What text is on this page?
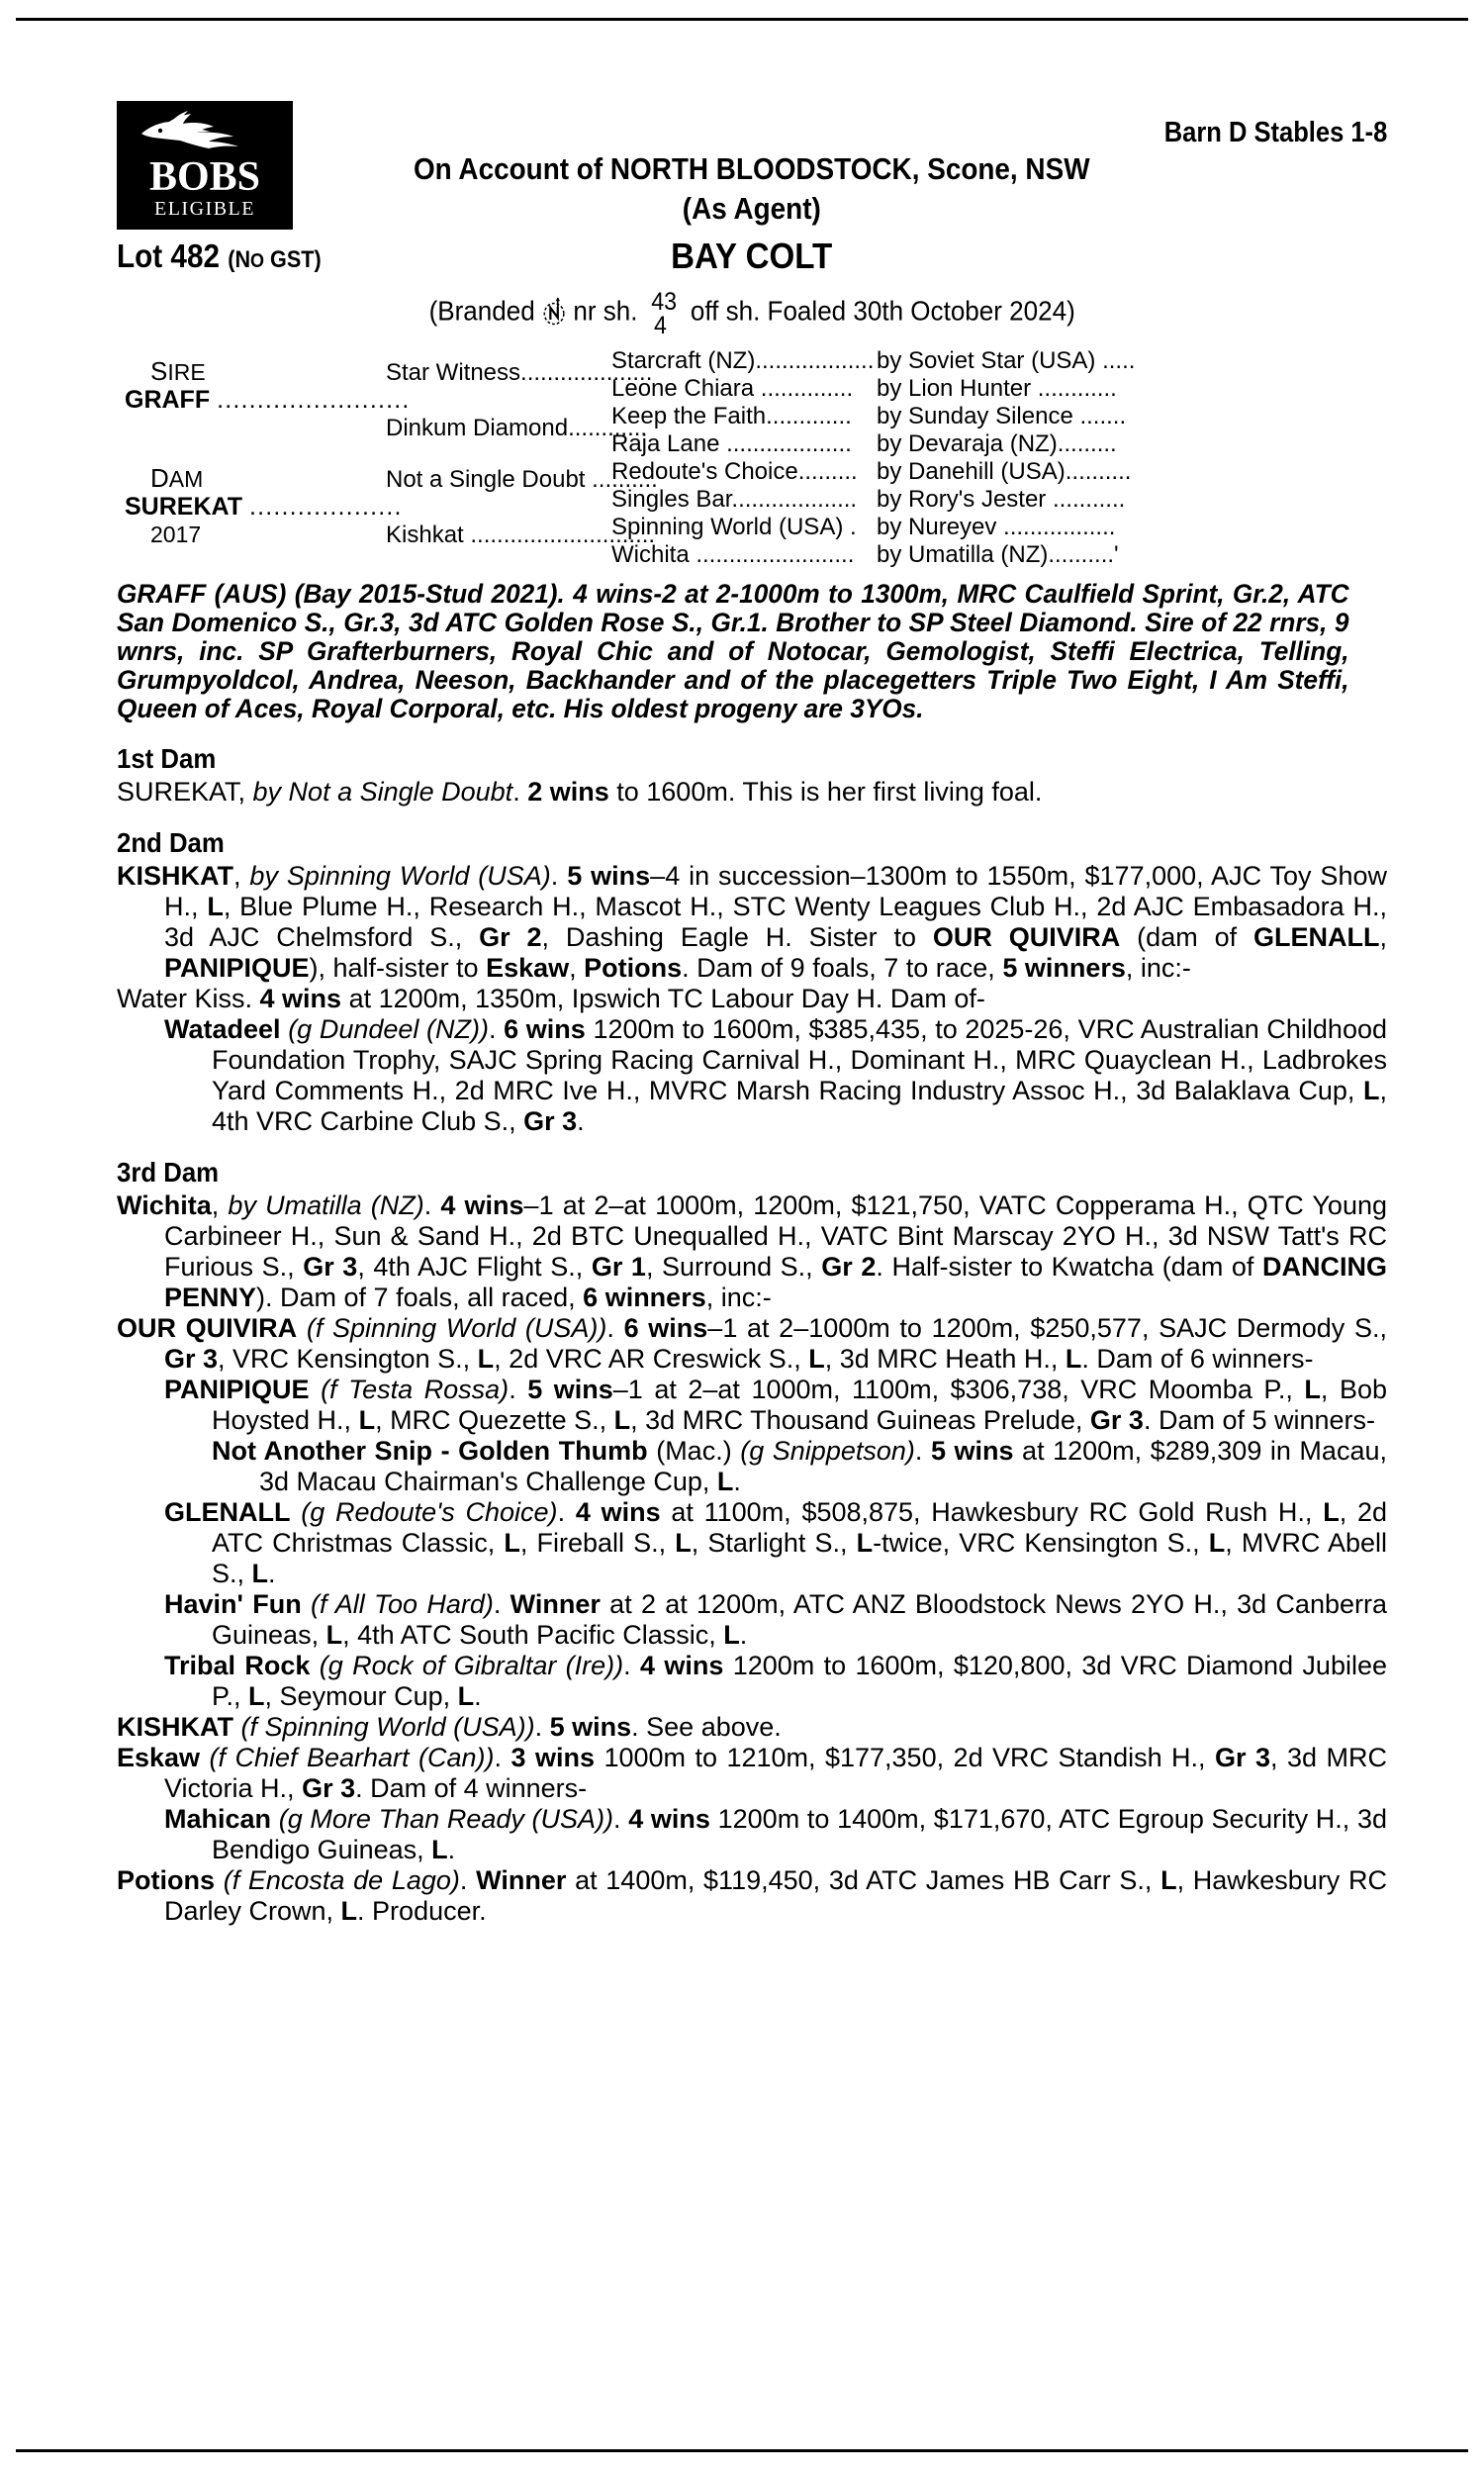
BOBS
ELIGIBLE
Barn D Stables 1-8
On Account of NORTH BLOODSTOCK, Scone, NSW
(As Agent)
Lot 482 (NO GST)	BAY COLT
(Branded nr sh. 43
4 off sh. Foaled 30th October 2024)
SIRE
GRAFF ........................
DAM
SUREKAT ...................
2017
Star Witness....................
Dinkum Diamond............
Not a Single Doubt ..........
Kishkat ............................
Starcraft (NZ)..................
Leone Chiara ..............
Keep the Faith.............
Raja Lane ...................
Redoute's Choice.........
Singles Bar...................
Spinning World (USA) .
Wichita ........................
by Soviet Star (USA) .....
by Lion Hunter ............
by Sunday Silence .......
by Devaraja (NZ).........
by Danehill (USA)..........
by Rory's Jester ...........
by Nureyev .................
by Umatilla (NZ)..........'
GRAFF (AUS) (Bay 2015-Stud 2021). 4 wins-2 at 2-1000m to 1300m, MRC Caulfield Sprint, Gr.2, ATC San Domenico S., Gr.3, 3d ATC Golden Rose S., Gr.1. Brother to SP Steel Diamond. Sire of 22 rnrs, 9 wnrs, inc. SP Grafterburners, Royal Chic and of Notocar, Gemologist, Steffi Electrica, Telling, Grumpyoldcol, Andrea, Neeson, Backhander and of the placegetters Triple Two Eight, I Am Steffi, Queen of Aces, Royal Corporal, etc. His oldest progeny are 3YOs.
1st Dam
SUREKAT, by Not a Single Doubt. 2 wins to 1600m. This is her first living foal.
2nd Dam
KISHKAT, by Spinning World (USA). 5 wins–4 in succession–1300m to 1550m, $177,000, AJC Toy Show H., L, Blue Plume H., Research H., Mascot H., STC Wenty Leagues Club H., 2d AJC Embasadora H., 3d AJC Chelmsford S., Gr 2, Dashing Eagle H. Sister to OUR QUIVIRA (dam of GLENALL, PANIPIQUE), half-sister to Eskaw, Potions. Dam of 9 foals, 7 to race, 5 winners, inc:-
Water Kiss. 4 wins at 1200m, 1350m, Ipswich TC Labour Day H. Dam of-
Watadeel (g Dundeel (NZ)). 6 wins 1200m to 1600m, $385,435, to 2025-26, VRC Australian Childhood Foundation Trophy, SAJC Spring Racing Carnival H., Dominant H., MRC Quayclean H., Ladbrokes Yard Comments H., 2d MRC Ive H., MVRC Marsh Racing Industry Assoc H., 3d Balaklava Cup, L, 4th VRC Carbine Club S., Gr 3.
3rd Dam
Wichita, by Umatilla (NZ). 4 wins–1 at 2–at 1000m, 1200m, $121,750, VATC Copperama H., QTC Young Carbineer H., Sun & Sand H., 2d BTC Unequalled H., VATC Bint Marscay 2YO H., 3d NSW Tatt's RC Furious S., Gr 3, 4th AJC Flight S., Gr 1, Surround S., Gr 2. Half-sister to Kwatcha (dam of DANCING PENNY). Dam of 7 foals, all raced, 6 winners, inc:-
OUR QUIVIRA (f Spinning World (USA)). 6 wins–1 at 2–1000m to 1200m, $250,577, SAJC Dermody S., Gr 3, VRC Kensington S., L, 2d VRC AR Creswick S., L, 3d MRC Heath H., L. Dam of 6 winners-
PANIPIQUE (f Testa Rossa). 5 wins–1 at 2–at 1000m, 1100m, $306,738, VRC Moomba P., L, Bob Hoysted H., L, MRC Quezette S., L, 3d MRC Thousand Guineas Prelude, Gr 3. Dam of 5 winners-
Not Another Snip - Golden Thumb (Mac.) (g Snippetson). 5 wins at 1200m, $289,309 in Macau, 3d Macau Chairman's Challenge Cup, L.
GLENALL (g Redoute's Choice). 4 wins at 1100m, $508,875, Hawkesbury RC Gold Rush H., L, 2d ATC Christmas Classic, L, Fireball S., L, Starlight S., L-twice, VRC Kensington S., L, MVRC Abell S., L.
Havin' Fun (f All Too Hard). Winner at 2 at 1200m, ATC ANZ Bloodstock News 2YO H., 3d Canberra Guineas, L, 4th ATC South Pacific Classic, L.
Tribal Rock (g Rock of Gibraltar (Ire)). 4 wins 1200m to 1600m, $120,800, 3d VRC Diamond Jubilee P., L, Seymour Cup, L.
KISHKAT (f Spinning World (USA)). 5 wins. See above.
Eskaw (f Chief Bearhart (Can)). 3 wins 1000m to 1210m, $177,350, 2d VRC Standish H., Gr 3, 3d MRC Victoria H., Gr 3. Dam of 4 winners-
Mahican (g More Than Ready (USA)). 4 wins 1200m to 1400m, $171,670, ATC Egroup Security H., 3d Bendigo Guineas, L.
Potions (f Encosta de Lago). Winner at 1400m, $119,450, 3d ATC James HB Carr S., L, Hawkesbury RC Darley Crown, L. Producer.
